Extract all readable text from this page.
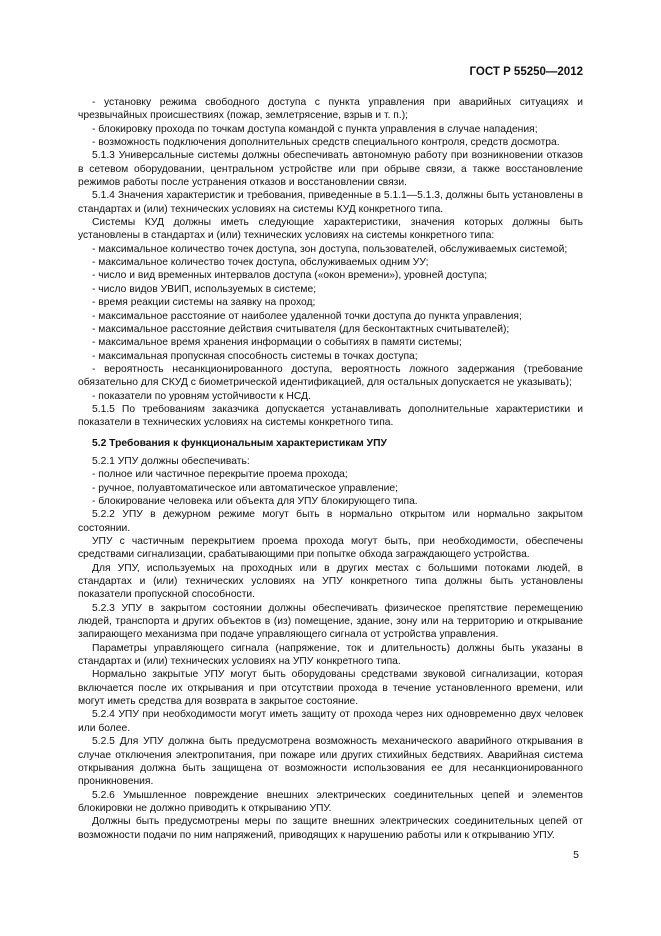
ГОСТ Р 55250—2012

- установку режима свободного доступа с пункта управления при аварийных ситуациях и чрезвычайных происшествиях (пожар, землетрясение, взрыв и т. п.);

- блокировку прохода по точкам доступа командой с пункта управления в случае нападения;

- возможность подключения дополнительных средств специального контроля, средств досмотра.

5.1.3 Универсальные системы должны обеспечивать автономную работу при возникновении отказов в сетевом оборудовании, центральном устройстве или при обрыве связи, а также восстановление режимов работы после устранения отказов и восстановлении связи.

5.1.4 Значения характеристик и требования, приведенные в 5.1.1—5.1.3, должны быть установлены в стандартах и (или) технических условиях на системы КУД конкретного типа.

Системы КУД должны иметь следующие характеристики, значения которых должны быть установлены в стандартах и (или) технических условиях на системы конкретного типа:

- максимальное количество точек доступа, зон доступа, пользователей, обслуживаемых системой;

- максимальное количество точек доступа, обслуживаемых одним УУ;

- число и вид временных интервалов доступа («окон времени»), уровней доступа;

- число видов УВИП, используемых в системе;

- время реакции системы на заявку на проход;

- максимальное расстояние от наиболее удаленной точки доступа до пункта управления;

- максимальное расстояние действия считывателя (для бесконтактных считывателей);

- максимальное время хранения информации о событиях в памяти системы;

- максимальная пропускная способность системы в точках доступа;

- вероятность несанкционированного доступа, вероятность ложного задержания (требование обязательно для СКУД с биометрической идентификацией, для остальных допускается не указывать);

- показатели по уровням устойчивости к НСД.

5.1.5 По требованиям заказчика допускается устанавливать дополнительные характеристики и показатели в технических условиях на системы конкретного типа.

5.2 Требования к функциональным характеристикам УПУ

5.2.1 УПУ должны обеспечивать:

- полное или частичное перекрытие проема прохода;

- ручное, полуавтоматическое или автоматическое управление;

- блокирование человека или объекта для УПУ блокирующего типа.

5.2.2 УПУ в дежурном режиме могут быть в нормально открытом или нормально закрытом состоянии.

УПУ с частичным перекрытием проема прохода могут быть, при необходимости, обеспечены средствами сигнализации, срабатывающими при попытке обхода заграждающего устройства.

Для УПУ, используемых на проходных или в других местах с большими потоками людей, в стандартах и (или) технических условиях на УПУ конкретного типа должны быть установлены показатели пропускной способности.

5.2.3 УПУ в закрытом состоянии должны обеспечивать физическое препятствие перемещению людей, транспорта и других объектов в (из) помещение, здание, зону или на территорию и открывание запирающего механизма при подаче управляющего сигнала от устройства управления.

Параметры управляющего сигнала (напряжение, ток и длительность) должны быть указаны в стандартах и (или) технических условиях на УПУ конкретного типа.

Нормально закрытые УПУ могут быть оборудованы средствами звуковой сигнализации, которая включается после их открывания и при отсутствии прохода в течение установленного времени, или могут иметь средства для возврата в закрытое состояние.

5.2.4 УПУ при необходимости могут иметь защиту от прохода через них одновременно двух человек или более.

5.2.5 Для УПУ должна быть предусмотрена возможность механического аварийного открывания в случае отключения электропитания, при пожаре или других стихийных бедствиях. Аварийная система открывания должна быть защищена от возможности использования ее для несанкционированного проникновения.

5.2.6 Умышленное повреждение внешних электрических соединительных цепей и элементов блокировки не должно приводить к открыванию УПУ.

Должны быть предусмотрены меры по защите внешних электрических соединительных цепей от возможности подачи по ним напряжений, приводящих к нарушению работы или к открыванию УПУ.

5
